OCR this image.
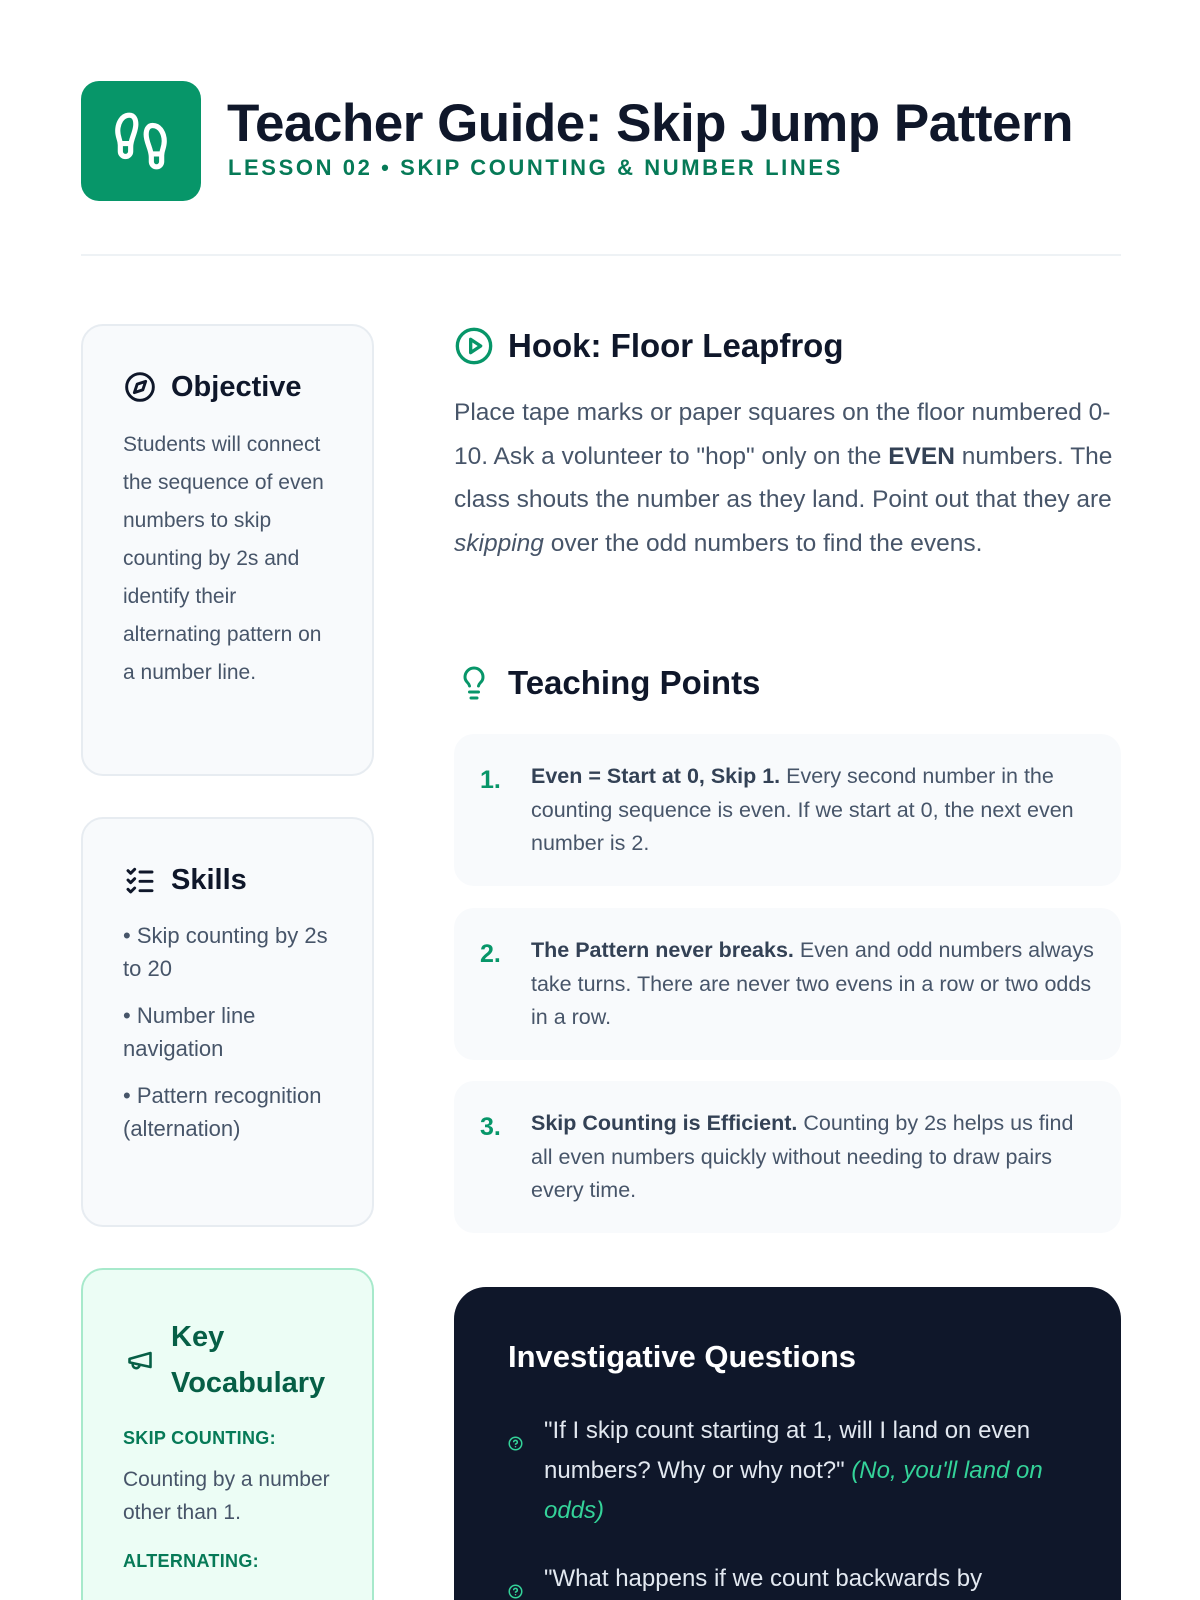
Teacher Guide: Skip Jump Pattern
LESSON 02 • SKIP COUNTING & NUMBER LINES
Objective

Students will connect the sequence of even numbers to skip counting by 2s and identify their alternating pattern on a number line.

Skills
• Skip counting by 2s to 20
• Number line navigation
• Pattern recognition (alternation)
Key
Vocabulary
SKIP COUNTING:
Counting by a number other than 1.
ALTERNATING:
Hook: Floor Leapfrog

Place tape marks or paper squares on the floor numbered 0-10. Ask a volunteer to "hop" only on the EVEN numbers. The class shouts the number as they land. Point out that they are skipping over the odd numbers to find the evens.

Teaching Points
1. Even = Start at 0, Skip 1. Every second number in the counting sequence is even. If we start at 0, the next even number is 2.
2. The Pattern never breaks. Even and odd numbers always take turns. There are never two evens in a row or two odds in a row.
3. Skip Counting is Efficient. Counting by 2s helps us find all even numbers quickly without needing to draw pairs every time.
Investigative Questions
"If I skip count starting at 1, will I land on even numbers? Why or why not?" (No, you'll land on odds)
"What happens if we count backwards by
